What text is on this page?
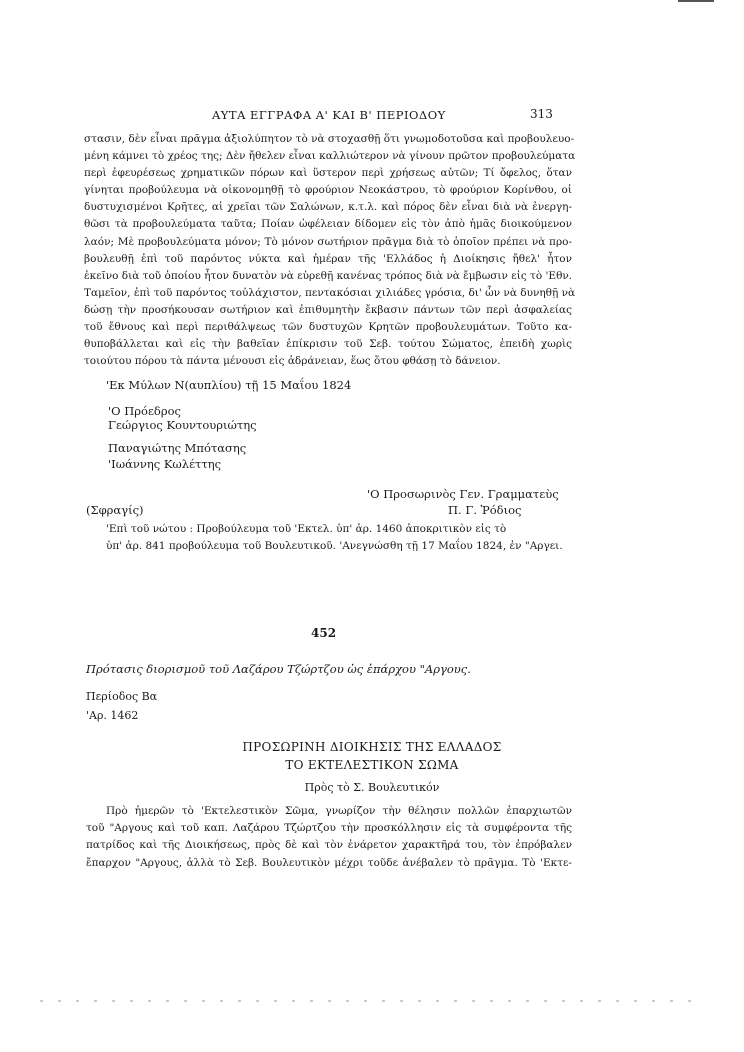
ΑΥΤΑ ΕΓΓΡΑΦΑ Α' ΚΑΙ Β' ΠΕΡΙΟΔΟΥ	313

στασιν, δὲν εἶναι πρᾶγμα ἀξιολύπητον τὸ νὰ στοχασθῇ ὅτι γνωμοδοτοῦσα καὶ προβουλευο-

μένη κάμνει τὸ χρέος της; Δὲν ἤθελεν εἶναι καλλιώτερον νὰ γίνουν πρῶτον προβουλεύματα

περὶ ἐφευρέσεως χρηματικῶν πόρων καὶ ὕστερον περὶ χρήσεως αὐτῶν; Τί ὄφελος, ὅταν

γίνηται προβούλευμα νὰ οἰκονομηθῇ τὸ φρούριον Νεοκάστρου, τὸ φρούριον Κορίνθου, οἱ

δυστυχισμένοι Κρῆτες, αἱ χρεῖαι τῶν Σαλώνων, κ.τ.λ. καὶ πόρος δὲν εἶναι διὰ νὰ ἐνεργη-

θῶσι τὰ προβουλεύματα ταῦτα; Ποίαν ὠφέλειαν δίδομεν εἰς τὸν ἀπὸ ἡμᾶς διοικούμενον

λαόν; Μὲ προβουλεύματα μόνον; Τὸ μόνον σωτήριον πρᾶγμα διὰ τὸ ὁποῖον πρέπει νὰ προ-

βουλευθῇ ἐπὶ τοῦ παρόντος νύκτα καὶ ἡμέραν τῆς 'Ελλάδος ἡ Διοίκησις ἤθελ' ἦτον

ἐκεῖνο διὰ τοῦ ὁποίου ἦτον δυνατὸν νὰ εὑρεθῇ κανένας τρόπος διὰ νὰ ἔμβωσιν εἰς τὸ 'Εθν.

Ταμεῖον, ἐπὶ τοῦ παρόντος τοὐλάχιστον, πεντακόσιαι χιλιάδες γρόσια, δι' ὧν νὰ δυνηθῇ νὰ

δώσῃ τὴν προσήκουσαν σωτήριον καὶ ἐπιθυμητὴν ἔκβασιν πάντων τῶν περὶ ἀσφαλείας

τοῦ ἔθνους καὶ περὶ περιθάλψεως τῶν δυστυχῶν Κρητῶν προβουλευμάτων. Τοῦτο κα-

θυποβάλλεται καὶ εἰς τὴν βαθεῖαν ἐπίκρισιν τοῦ Σεβ. τούτου Σώματος, ἐπειδὴ χωρὶς

τοιούτου πόρου τὰ πάντα μένουσι εἰς ἀδράνειαν, ἕως ὅτου φθάσῃ τὸ δάνειον.

'Εκ Μύλων Ν(αυπλίου) τῇ 15 Μαΐου 1824
'Ο Πρόεδρος
Γεώργιος Κουντουριώτης
Παναγιώτης Μπότασης
'Ιωάννης Κωλέττης
'Ο Προσωρινὸς Γεν. Γραμματεὺς
Π. Γ. Ῥόδιος
(Σφραγίς)

'Επὶ τοῦ νώτου : Προβούλευμα τοῦ 'Εκτελ. ὑπ' ἀρ. 1460 ἀποκριτικὸν εἰς τὸ

ὑπ' ἀρ. 841 προβούλευμα τοῦ Βουλευτικοῦ. 'Ανεγνώσθη τῇ 17 Μαΐου 1824, ἐν "Αργει.

452
Πρότασις διορισμοῦ τοῦ Λαζάρου Τζώρτζου ὡς ἐπάρχου "Αργους.
Περίοδος Βα
'Αρ. 1462
ΠΡΟΣΩΡΙΝΗ ΔΙΟΙΚΗΣΙΣ ΤΗΣ ΕΛΛΑΔΟΣ
ΤΟ ΕΚΤΕΛΕΣΤΙΚΟΝ ΣΩΜΑ
Πρὸς τὸ Σ. Βουλευτικόν

Πρὸ ἡμερῶν τὸ 'Εκτελεστικὸν Σῶμα, γνωρίζον τὴν θέλησιν πολλῶν ἐπαρχιωτῶν

τοῦ "Αργους καὶ τοῦ καπ. Λαζάρου Τζώρτζου τὴν προσκόλλησιν εἰς τὰ συμφέροντα τῆς

πατρίδος καὶ τῆς Διοικήσεως, πρὸς δὲ καὶ τὸν ἐνάρετον χαρακτῆρά του, τὸν ἐπρόβαλεν

ἔπαρχον "Αργους, ἀλλὰ τὸ Σεβ. Βουλευτικὸν μέχρι τοῦδε ἀνέβαλεν τὸ πρᾶγμα. Τὸ 'Εκτε-
